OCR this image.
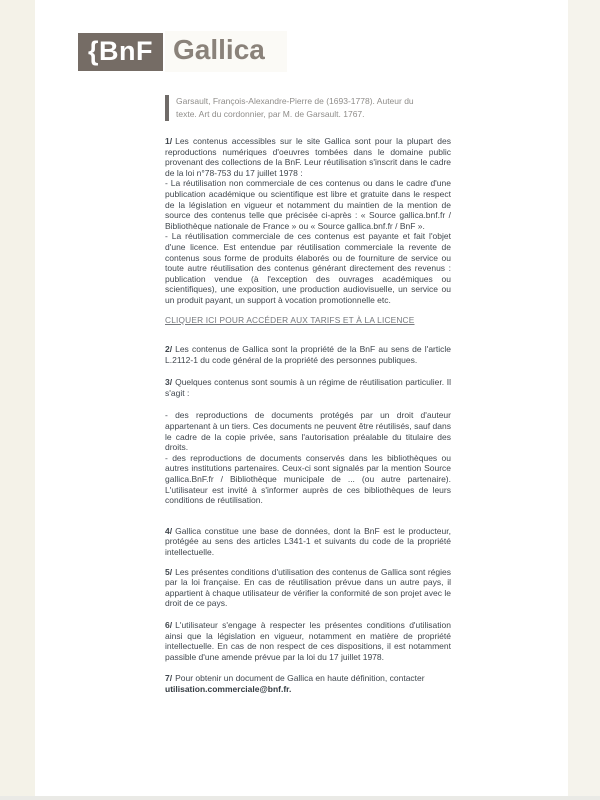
{BnF Gallica
Garsault, François-Alexandre-Pierre de (1693-1778). Auteur du
texte. Art du cordonnier, par M. de Garsault. 1767.

1/ Les contenus accessibles sur le site Gallica sont pour la plupart des reproductions numériques d'oeuvres tombées dans le domaine public provenant des collections de la BnF. Leur réutilisation s'inscrit dans le cadre de la loi n°78-753 du 17 juillet 1978 :

- La réutilisation non commerciale de ces contenus ou dans le cadre d'une publication académique ou scientifique est libre et gratuite dans le respect de la législation en vigueur et notamment du maintien de la mention de source des contenus telle que précisée ci-après : « Source gallica.bnf.fr / Bibliothèque nationale de France » ou « Source gallica.bnf.fr / BnF ».

- La réutilisation commerciale de ces contenus est payante et fait l'objet d'une licence. Est entendue par réutilisation commerciale la revente de contenus sous forme de produits élaborés ou de fourniture de service ou toute autre réutilisation des contenus générant directement des revenus : publication vendue (à l'exception des ouvrages académiques ou scientifiques), une exposition, une production audiovisuelle, un service ou un produit payant, un support à vocation promotionnelle etc.

CLIQUER ICI POUR ACCÉDER AUX TARIFS ET À LA LICENCE

2/ Les contenus de Gallica sont la propriété de la BnF au sens de l'article L.2112-1 du code général de la propriété des personnes publiques.

3/ Quelques contenus sont soumis à un régime de réutilisation particulier. Il s'agit :

- des reproductions de documents protégés par un droit d'auteur appartenant à un tiers. Ces documents ne peuvent être réutilisés, sauf dans le cadre de la copie privée, sans l'autorisation préalable du titulaire des droits.

- des reproductions de documents conservés dans les bibliothèques ou autres institutions partenaires. Ceux-ci sont signalés par la mention Source gallica.BnF.fr / Bibliothèque municipale de ... (ou autre partenaire). L'utilisateur est invité à s'informer auprès de ces bibliothèques de leurs conditions de réutilisation.

4/ Gallica constitue une base de données, dont la BnF est le producteur, protégée au sens des articles L341-1 et suivants du code de la propriété intellectuelle.

5/ Les présentes conditions d'utilisation des contenus de Gallica sont régies par la loi française. En cas de réutilisation prévue dans un autre pays, il appartient à chaque utilisateur de vérifier la conformité de son projet avec le droit de ce pays.

6/ L'utilisateur s'engage à respecter les présentes conditions d'utilisation ainsi que la législation en vigueur, notamment en matière de propriété intellectuelle. En cas de non respect de ces dispositions, il est notamment passible d'une amende prévue par la loi du 17 juillet 1978.

7/ Pour obtenir un document de Gallica en haute définition, contacter

utilisation.commerciale@bnf.fr.
